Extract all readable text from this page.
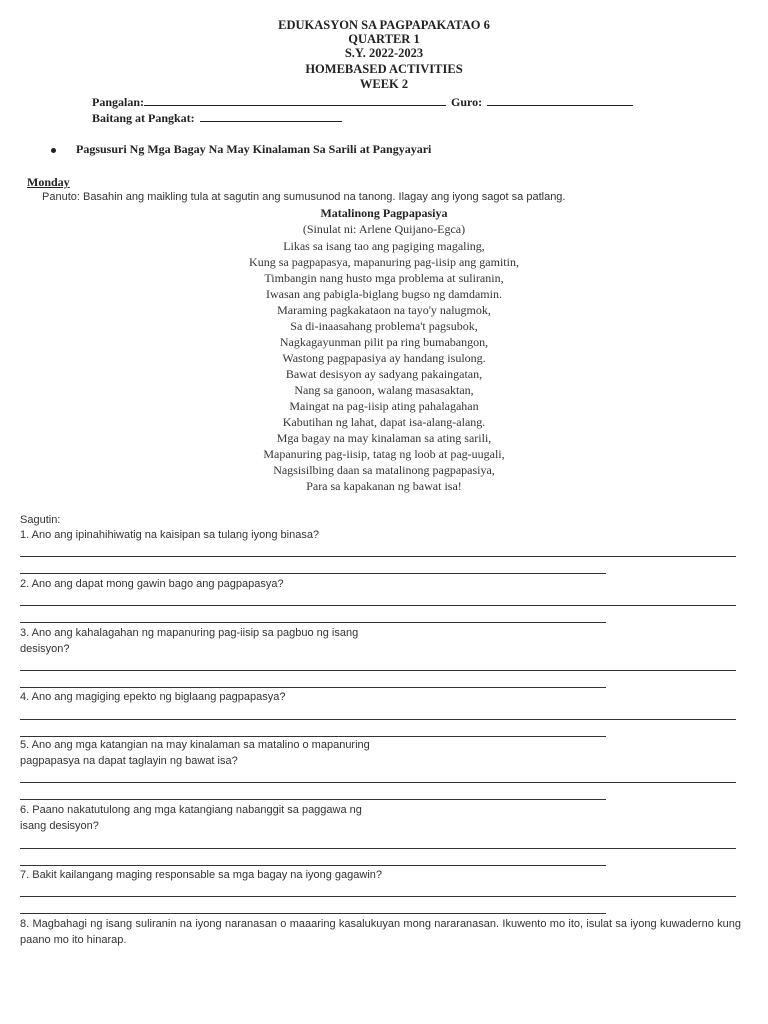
EDUKASYON SA PAGPAPAKATAO 6
QUARTER 1
S.Y. 2022-2023
HOMEBASED ACTIVITIES
WEEK 2
Pangalan:	Guro:
Baitang at Pangkat:
Pagsusuri Ng Mga Bagay Na May Kinalaman Sa Sarili at Pangyayari
Monday
Panuto: Basahin ang maikling tula at sagutin ang sumusunod na tanong. Ilagay ang iyong sagot sa patlang.
Matalinong Pagpapasiya
(Sinulat ni: Arlene Quijano-Egca)
Likas sa isang tao ang pagiging magaling,
Kung sa pagpapasya, mapanuring pag-iisip ang gamitin,
Timbangin nang husto mga problema at suliranin,
Iwasan ang pabigla-biglang bugso ng damdamin.
Maraming pagkakataon na tayo'y nalugmok,
Sa di-inaasahang problema't pagsubok,
Nagkagayunman pilit pa ring bumabangon,
Wastong pagpapasiya ay handang isulong.
Bawat desisyon ay sadyang pakaingatan,
Nang sa ganoon, walang masasaktan,
Maingat na pag-iisip ating pahalagahan
Kabutihan ng lahat, dapat isa-alang-alang.
Mga bagay na may kinalaman sa ating sarili,
Mapanuring pag-iisip, tatag ng loob at pag-uugali,
Nagsisilbing daan sa matalinong pagpapasiya,
Para sa kapakanan ng bawat isa!
Sagutin:
1. Ano ang ipinahihiwatig na kaisipan sa tulang iyong binasa?
2. Ano ang dapat mong gawin bago ang pagpapasya?
3. Ano ang kahalagahan ng mapanuring pag-iisip sa pagbuo ng isang
desisyon?
4. Ano ang magiging epekto ng biglaang pagpapasya?
5. Ano ang mga katangian na may kinalaman sa matalino o mapanuring
pagpapasya na dapat taglayin ng bawat isa?
6. Paano nakatutulong ang mga katangiang nabanggit sa paggawa ng
isang desisyon?
7. Bakit kailangang maging responsable sa mga bagay na iyong gagawin?
8. Magbahagi ng isang suliranin na iyong naranasan o maaaring kasalukuyan mong nararanasan. Ikuwento mo ito, isulat sa iyong kuwaderno kung paano mo ito hinarap.
